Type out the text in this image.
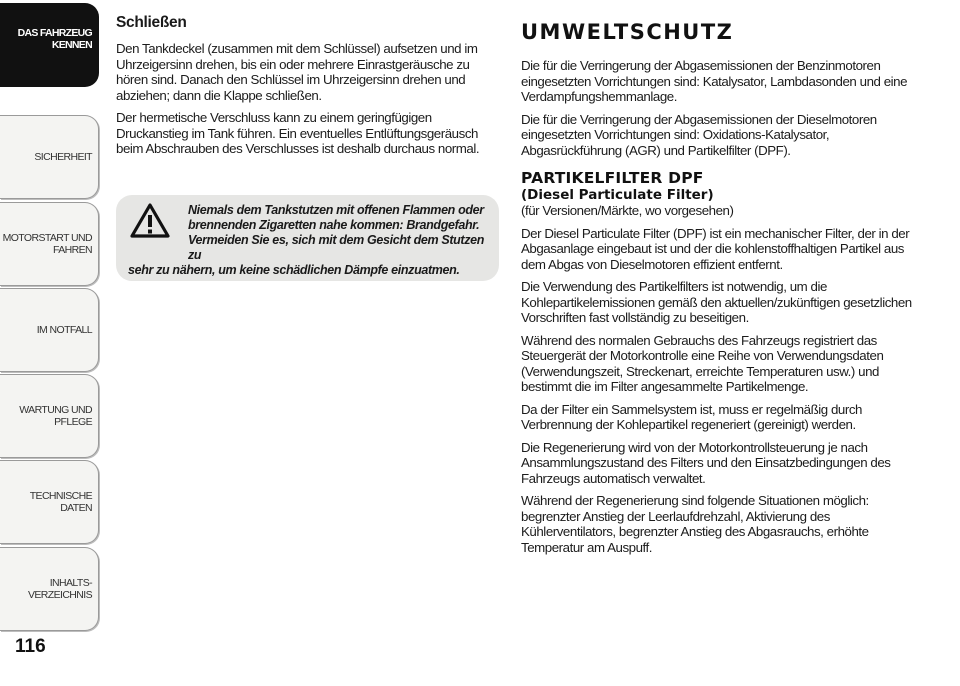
DAS FAHRZEUG
KENNEN
SICHERHEIT
MOTORSTART UND
FAHREN
IM NOTFALL
WARTUNG UND
PFLEGE
TECHNISCHE DATEN
INHALTS-
VERZEICHNIS
116
Schließen

Den Tankdeckel (zusammen mit dem Schlüssel) aufsetzen und im Uhrzeigersinn drehen, bis ein oder mehrere Einrastgeräusche zu hören sind. Danach den Schlüssel im Uhrzeigersinn drehen und abziehen; dann die Klappe schließen.

Der hermetische Verschluss kann zu einem geringfügigen Druckanstieg im Tank führen. Ein eventuelles Entlüftungsgeräusch beim Abschrauben des Verschlusses ist deshalb durchaus normal.

Niemals dem Tankstutzen mit offenen Flammen oder
brennenden Zigaretten nahe kommen: Brandgefahr.
Vermeiden Sie es, sich mit dem Gesicht dem Stutzen zu
sehr zu nähern, um keine schädlichen Dämpfe einzuatmen.
UMWELTSCHUTZ

Die für die Verringerung der Abgasemissionen der Benzinmotoren eingesetzten Vorrichtungen sind: Katalysator, Lambdasonden und eine Verdampfungshemmanlage.

Die für die Verringerung der Abgasemissionen der Dieselmotoren eingesetzten Vorrichtungen sind: Oxidations-Katalysator, Abgasrückführung (AGR) und Partikelfilter (DPF).

PARTIKELFILTER DPF
(Diesel Particulate Filter)

(für Versionen/Märkte, wo vorgesehen)

Der Diesel Particulate Filter (DPF) ist ein mechanischer Filter, der in der Abgasanlage eingebaut ist und der die kohlenstoffhaltigen Partikel aus dem Abgas von Dieselmotoren effizient entfernt.

Die Verwendung des Partikelfilters ist notwendig, um die Kohlepartikelemissionen gemäß den aktuellen/zukünftigen gesetzlichen Vorschriften fast vollständig zu beseitigen.

Während des normalen Gebrauchs des Fahrzeugs registriert das Steuergerät der Motorkontrolle eine Reihe von Verwendungsdaten (Verwendungszeit, Streckenart, erreichte Temperaturen usw.) und bestimmt die im Filter angesammelte Partikelmenge.

Da der Filter ein Sammelsystem ist, muss er regelmäßig durch Verbrennung der Kohlepartikel regeneriert (gereinigt) werden.

Die Regenerierung wird von der Motorkontrollsteuerung je nach Ansammlungszustand des Filters und den Einsatzbedingungen des Fahrzeugs automatisch verwaltet.

Während der Regenerierung sind folgende Situationen möglich: begrenzter Anstieg der Leerlaufdrehzahl, Aktivierung des Kühlerventilators, begrenzter Anstieg des Abgasrauchs, erhöhte Temperatur am Auspuff.
